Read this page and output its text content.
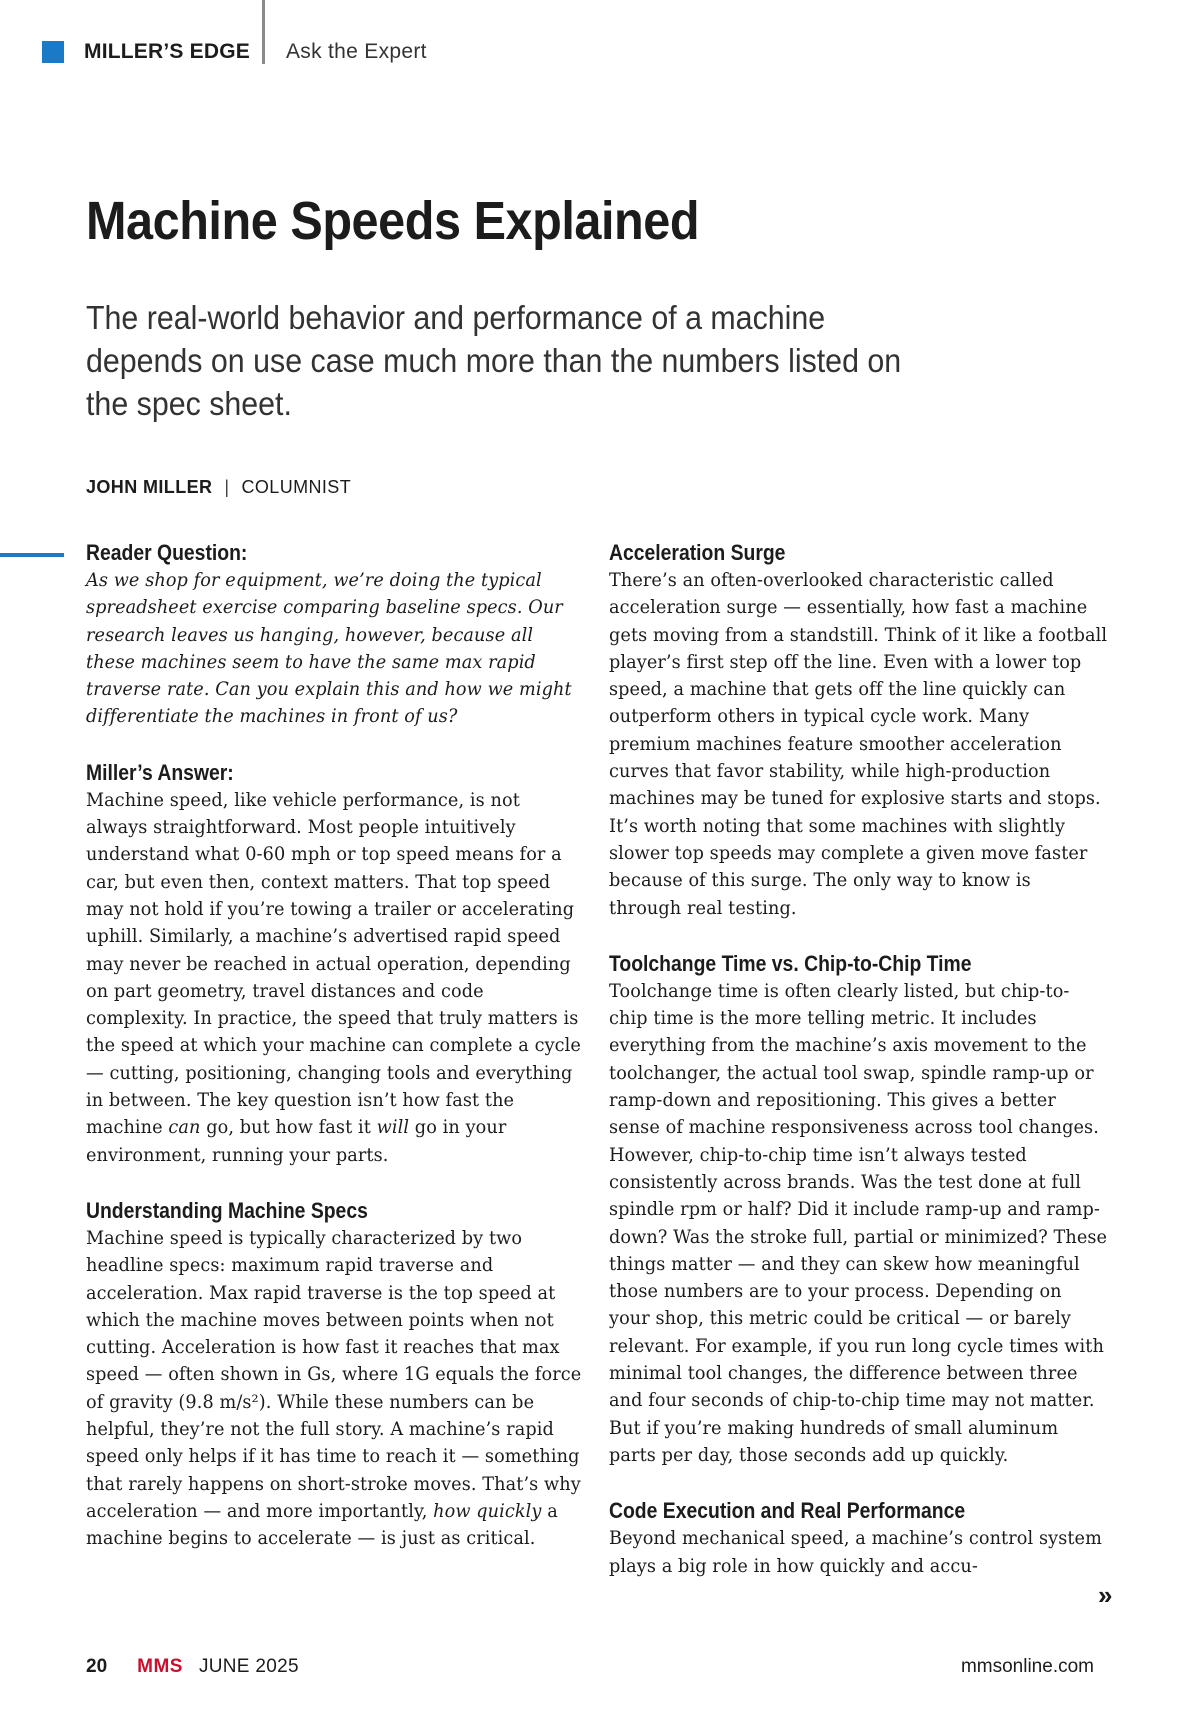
MILLER’S EDGE Ask the Expert
Machine Speeds Explained

The real-world behavior and performance of a machine depends on use case much more than the numbers listed on the spec sheet.

JOHN MILLER | COLUMNIST
Reader Question:

As we shop for equipment, we’re doing the typical spreadsheet exercise comparing baseline specs. Our research leaves us hanging, however, because all these machines seem to have the same max rapid traverse rate. Can you explain this and how we might differentiate the machines in front of us?

Miller’s Answer:

Machine speed, like vehicle performance, is not always straightforward. Most people intuitively understand what 0-60 mph or top speed means for a car, but even then, context matters. That top speed may not hold if you’re towing a trailer or accelerating uphill. Similarly, a machine’s advertised rapid speed may never be reached in actual operation, depending on part geometry, travel distances and code complexity. In practice, the speed that truly matters is the speed at which your machine can complete a cycle — cutting, positioning, changing tools and everything in between. The key question isn’t how fast the machine can go, but how fast it will go in your environment, running your parts.

Understanding Machine Specs

Machine speed is typically characterized by two headline specs: maximum rapid traverse and acceleration. Max rapid traverse is the top speed at which the machine moves between points when not cutting. Acceleration is how fast it reaches that max speed — often shown in Gs, where 1G equals the force of gravity (9.8 m/s²). While these numbers can be helpful, they’re not the full story. A machine’s rapid speed only helps if it has time to reach it — something that rarely happens on short-stroke moves. That’s why acceleration — and more importantly, how quickly a machine begins to accelerate — is just as critical.

Acceleration Surge

There’s an often-overlooked characteristic called acceleration surge — essentially, how fast a machine gets moving from a standstill. Think of it like a football player’s first step off the line. Even with a lower top speed, a machine that gets off the line quickly can outperform others in typical cycle work. Many premium machines feature smoother acceleration curves that favor stability, while high-production machines may be tuned for explosive starts and stops. It’s worth noting that some machines with slightly slower top speeds may complete a given move faster because of this surge. The only way to know is through real testing.

Toolchange Time vs. Chip-to-Chip Time

Toolchange time is often clearly listed, but chip-to-chip time is the more telling metric. It includes everything from the machine’s axis movement to the toolchanger, the actual tool swap, spindle ramp-up or ramp-down and repositioning. This gives a better sense of machine responsiveness across tool changes. However, chip-to-chip time isn’t always tested consistently across brands. Was the test done at full spindle rpm or half? Did it include ramp-up and ramp-down? Was the stroke full, partial or minimized? These things matter — and they can skew how meaningful those numbers are to your process. Depending on your shop, this metric could be critical — or barely relevant. For example, if you run long cycle times with minimal tool changes, the difference between three and four seconds of chip-to-chip time may not matter. But if you’re making hundreds of small aluminum parts per day, those seconds add up quickly.

Code Execution and Real Performance

Beyond mechanical speed, a machine’s control system plays a big role in how quickly and accu-

»
20 MMS JUNE 2025	mmsonline.com
